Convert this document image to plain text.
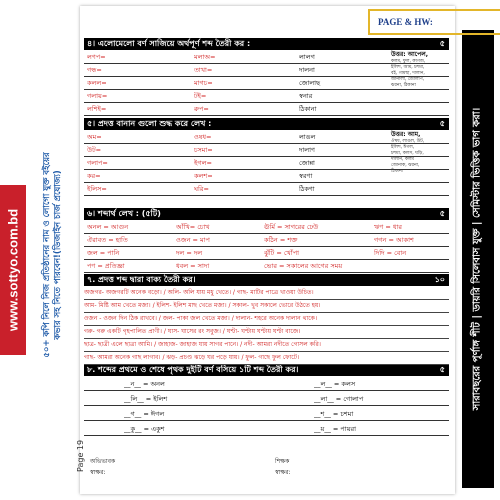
www.sottyo.com.bd	৫০+ কপি নিলে নিজ প্রতিষ্ঠানের নাম ও লোগো যুক্ত বইয়ের কভার সহ নিতে পারবেন!(ডিজাইন চার্জ প্রযোজ্য)	সারাবছরের পূর্ণাঙ্গ শীট | ডায়রি সিলেবাস যুক্ত | সেমিস্টার ভিত্তিক ভাগ করা।
PAGE & HW:
৪। এলোমেলো বর্ণ সাজিয়ে অর্থপূর্ণ শব্দ তৈরী কর :	৫
উত্তর: আপেল,
কলম, ফুল, কাগজ,
ইলিশ, আম, চশমা,
বই, গামছা, দালান,
জানালা, জোলাপ,
ঝরনা, ঠিকানা
৫। প্রদত্ত বানান গুলো শুদ্ধ করে লেখ :	৫
উত্তর: আম,
ঔষধ, লাঙল, উট,
ইলিশ, ঈগল,
চশমা, কলস, ঘড়ি,
দালান, কলম
জোনাক, ঝরনা,
ঠিকানা
৬। শব্দার্থ লেখ : (৫টি)	৫
৭. প্রদত্ত শব্দ দ্বারা বাক্য তৈরী কর।	১০
৮. শব্দের প্রথমে ও শেষে পৃথক দুইটি বর্ণ বসিয়ে ১টি শব্দ তৈরী কর।	৫
অভিভাবক
স্বাক্ষর:
শিক্ষক
স্বাক্ষর:
লণপ=	মলাঅ=	লালগ
গন্ধ=	তাখা=	দালনা
কলল=	মাগচ=	জোলাছ
গলায়=	টই=	স্বনার
লশিই=	রুপ=	ঠিকানা
অম=	ওষধ=	লাঙল
উট=	চসমা=	দালাণ
গলাপ=	ইগল=	জোন্না
কর=	কলশ=	স্বরণা
ইলিস=	ঘরি=	ঠিকণা
অনল = আগুন	আঁখি= চোখ	ঊর্মি = সাগরের ঢেউ	ঋণ = ধার
ঐরাবত = হাতি	ওজন = মাপ	কঠিন = শক্ত	গগন = আকাশ
জল = পানি	দল = দল	ঝুঁটি = খোঁপা	দিদি = বোন
পণ = প্রতিজ্ঞা	ধবল = সাদা	ভোর = সকালের আগের সময়
অজগর- অজগরটি অনেক বড়ো। / অলি- অলি যায় মধু খেতে। / গাছ- মাটির পাত্রে খাওয়া উচিত।
আম- মিষ্টি আম খেতে মজা। / ইলিশ- ইলিশ মাছ খেতে মজা। / সকাল- খুব সকালে ভোরে উঠতে হয়।
ওজন - ওজন দিন ঠিক রাখবে। / জল- পাকা জল খেতে মজা। / দালান- শহরে অনেক দালান থাকে।
গরু- গরু একটি গৃহপালিত প্রাণী। / ঘাস- ঘাসের রং সবুজ। / ঘণ্টা- ঘণ্টায় ঘণ্টায় ঘণ্টা বাজে।
ছাত্র- ছাত্রী এলে ছাত্রা আমি। / জাহাজ- জাহাজ যায় সাগর পানে। / নদী- আমরা নদীতে গোসল করি।
গাছ- আমরা অনেক গাছ লাগাব। / ঝড়- প্রচণ্ড ঝড়ে ঘর পড়ে যায়। / ফুল- গাছে ফুল ফোটে।
__ন__ = অনল	__ল__ = কলস
__লি__ = ইলিশ	__লা__ = গোলাপ
__গ__ = ঈগল	__শ__ = চশমা
__কু__ = একুশ	__য়__ = পায়রা
Page 19
